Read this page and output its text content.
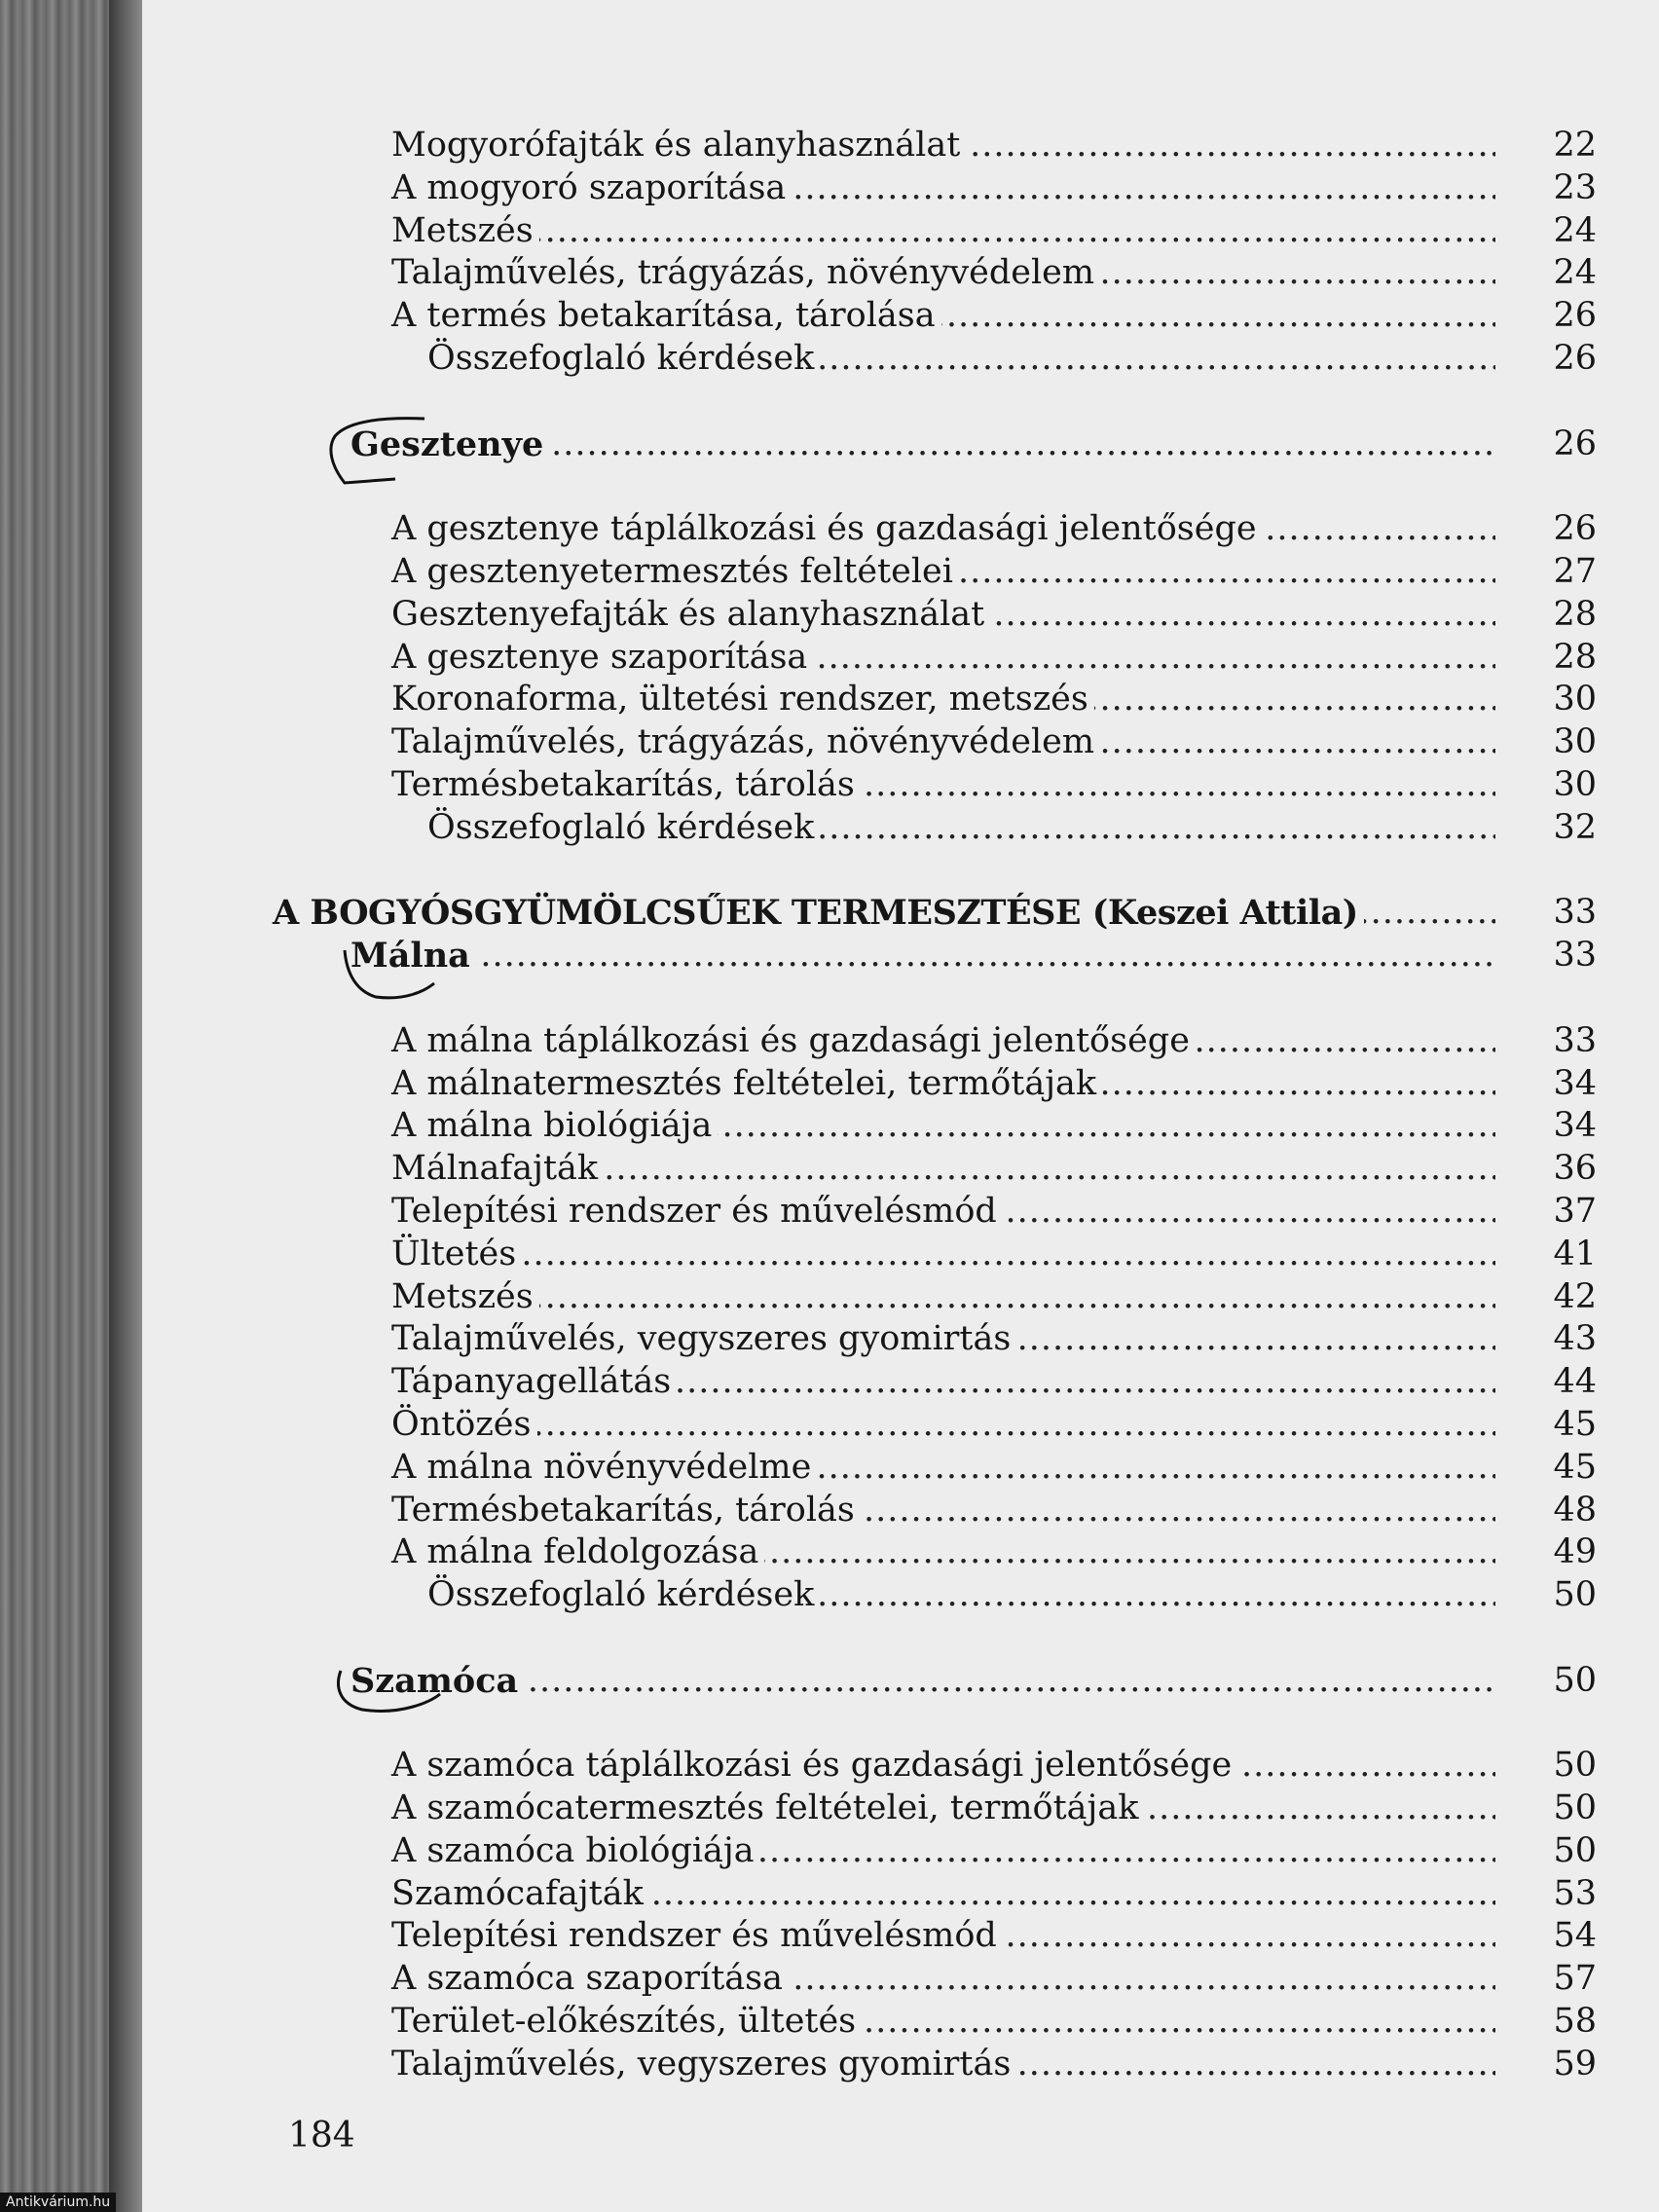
.....
Mogyorófajták és alanyhasználat	22
.....
A mogyoró szaporítása	23
.....
Metszés	24
.....
Talajművelés, trágyázás, növényvédelem	24
.....
A termés betakarítása, tárolása	26
.....
Összefoglaló kérdések	26
.....
Gesztenye	26
.....
A gesztenye táplálkozási és gazdasági jelentősége	26
.....
A gesztenyetermesztés feltételei	27
.....
Gesztenyefajták és alanyhasználat	28
.....
A gesztenye szaporítása	28
.....
Koronaforma, ültetési rendszer, metszés	30
.....
Talajművelés, trágyázás, növényvédelem	30
.....
Termésbetakarítás, tárolás	30
.....
Összefoglaló kérdések	32
.....
A BOGYÓSGYÜMÖLCSŰEK TERMESZTÉSE (Keszei Attila)	33
.....
Málna	33
.....
A málna táplálkozási és gazdasági jelentősége	33
.....
A málnatermesztés feltételei, termőtájak	34
.....
A málna biológiája	34
.....
Málnafajták	36
.....
Telepítési rendszer és művelésmód	37
.....
Ültetés	41
.....
Metszés	42
.....
Talajművelés, vegyszeres gyomirtás	43
.....
Tápanyagellátás	44
.....
Öntözés	45
.....
A málna növényvédelme	45
.....
Termésbetakarítás, tárolás	48
.....
A málna feldolgozása	49
.....
Összefoglaló kérdések	50
.....
Szamóca	50
.....
A szamóca táplálkozási és gazdasági jelentősége	50
.....
A szamócatermesztés feltételei, termőtájak	50
.....
A szamóca biológiája	50
.....
Szamócafajták	53
.....
Telepítési rendszer és művelésmód	54
.....
A szamóca szaporítása	57
.....
Terület-előkészítés, ültetés	58
.....
Talajművelés, vegyszeres gyomirtás	59
184
Antikvárium.hu
